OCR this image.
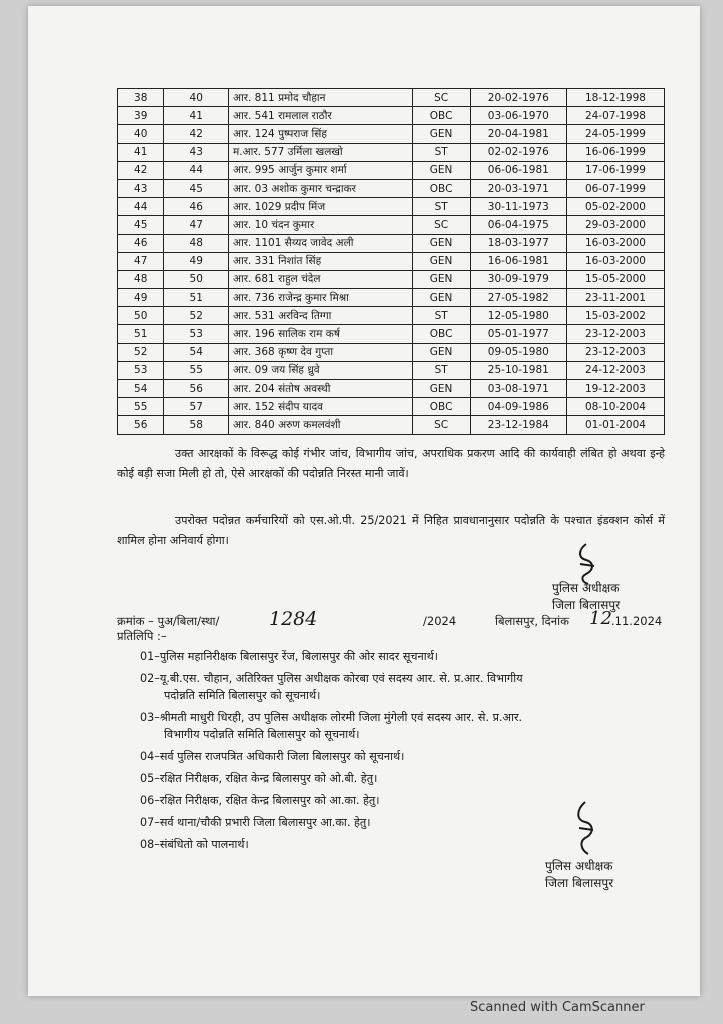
38	40	आर. 811 प्रमोद चौहान	SC	20-02-1976	18-12-1998
39	41	आर. 541 रामलाल राठौर	OBC	03-06-1970	24-07-1998
40	42	आर. 124 पुष्पराज सिंह	GEN	20-04-1981	24-05-1999
41	43	म.आर. 577 उर्मिला खलखो	ST	02-02-1976	16-06-1999
42	44	आर. 995 आर्जुन कुमार शर्मा	GEN	06-06-1981	17-06-1999
43	45	आर. 03 अशोक कुमार चन्द्राकर	OBC	20-03-1971	06-07-1999
44	46	आर. 1029 प्रदीप मिंज	ST	30-11-1973	05-02-2000
45	47	आर. 10 चंदन कुमार	SC	06-04-1975	29-03-2000
46	48	आर. 1101 सैय्यद जावेद अली	GEN	18-03-1977	16-03-2000
47	49	आर. 331 निशांत सिंह	GEN	16-06-1981	16-03-2000
48	50	आर. 681 राहुल चंदेल	GEN	30-09-1979	15-05-2000
49	51	आर. 736 राजेन्द्र कुमार मिश्रा	GEN	27-05-1982	23-11-2001
50	52	आर. 531 अरविन्द तिग्गा	ST	12-05-1980	15-03-2002
51	53	आर. 196 सालिक राम कर्ष	OBC	05-01-1977	23-12-2003
52	54	आर. 368 कृष्ण देव गुप्ता	GEN	09-05-1980	23-12-2003
53	55	आर. 09 जय सिंह ध्रुवे	ST	25-10-1981	24-12-2003
54	56	आर. 204 संतोष अवस्थी	GEN	03-08-1971	19-12-2003
55	57	आर. 152 संदीप यादव	OBC	04-09-1986	08-10-2004
56	58	आर. 840 अरुण कमलवंशी	SC	23-12-1984	01-01-2004
उक्त आरक्षकों के विरूद्ध कोई गंभीर जांच, विभागीय जांच, अपराधिक प्रकरण आदि की कार्यवाही लंबित हो अथवा इन्हे कोई बड़ी सजा मिली हो तो, ऐसे आरक्षकों की पदोन्नति निरस्त मानी जावें।
उपरोक्त पदोन्नत कर्मचारियों को एस.ओ.पी. 25/2021 में निहित प्रावधानानुसार पदोन्नति के पश्चात इंडक्शन कोर्स में शामिल होना अनिवार्य होगा।
पुलिस अधीक्षक
जिला बिलासपुर
क्रमांक – पुअ/बिला/स्था/	1284	/2024	बिलासपुर, दिनांक 12 .11.2024
प्रतिलिपि :–
01–पुलिस महानिरीक्षक बिलासपुर रेंज, बिलासपुर की ओर सादर सूचनार्थ।
02–यू.बी.एस. चौहान, अतिरिक्त पुलिस अधीक्षक कोरबा एवं सदस्य आर. से. प्र.आर. विभागीय
पदोन्नति समिति बिलासपुर को सूचनार्थ।
03–श्रीमती माधुरी धिरही, उप पुलिस अधीक्षक लोरमी जिला मुंगेली एवं सदस्य आर. से. प्र.आर.
विभागीय पदोन्नति समिति बिलासपुर को सूचनार्थ।
04–सर्व पुलिस राजपत्रित अधिकारी जिला बिलासपुर को सूचनार्थ।
05–रक्षित निरीक्षक, रक्षित केन्द्र बिलासपुर को ओ.बी. हेतु।
06–रक्षित निरीक्षक, रक्षित केन्द्र बिलासपुर को आ.का. हेतु।
07–सर्व थाना/चौकी प्रभारी जिला बिलासपुर आ.का. हेतु।
08–संबंधितो को पालनार्थ।
पुलिस अधीक्षक
जिला बिलासपुर
Scanned with CamScanner
